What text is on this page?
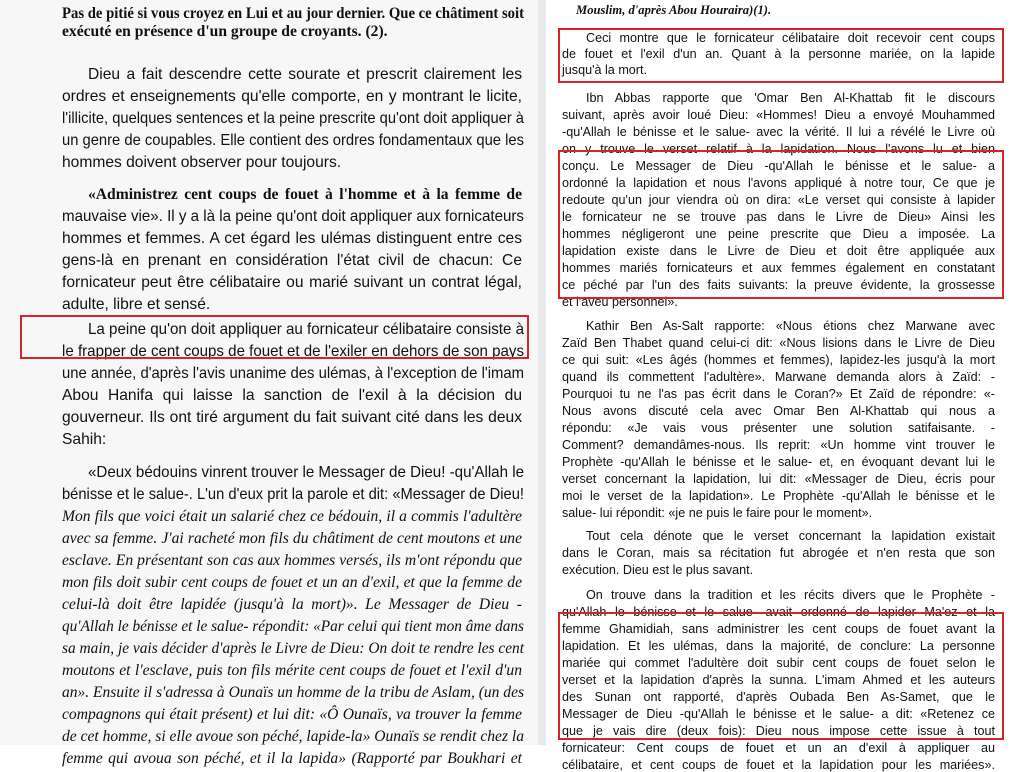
Pas de pitié si vous croyez en Lui et au jour dernier. Que ce châtiment soit
exécuté en présence d'un groupe de croyants. (2).
Dieu a fait descendre cette sourate et prescrit clairement les
ordres et enseignements qu'elle comporte, en y montrant le licite,
l'illicite, quelques sentences et la peine prescrite qu'ont doit appliquer à
un genre de coupables. Elle contient des ordres fondamentaux que les
hommes doivent observer pour toujours.
«Administrez cent coups de fouet à l'homme et à la femme de
mauvaise vie». Il y a là la peine qu'ont doit appliquer aux fornicateurs
hommes et femmes. A cet égard les ulémas distinguent entre ces
gens-là en prenant en considération l'état civil de chacun: Ce
fornicateur peut être célibataire ou marié suivant un contrat légal,
adulte, libre et sensé.
La peine qu'on doit appliquer au fornicateur célibataire consiste à
le frapper de cent coups de fouet et de l'exiler en dehors de son pays
une année, d'après l'avis unanime des ulémas, à l'exception de l'imam
Abou Hanifa qui laisse la sanction de l'exil à la décision du
gouverneur. Ils ont tiré argument du fait suivant cité dans les deux
Sahih:
«Deux bédouins vinrent trouver le Messager de Dieu! -qu'Allah le
bénisse et le salue-. L'un d'eux prit la parole et dit: «Messager de Dieu!
Mon fils que voici était un salarié chez ce bédouin, il a commis l'adultère
avec sa femme. J'ai racheté mon fils du châtiment de cent moutons et une
esclave. En présentant son cas aux hommes versés, ils m'ont répondu que
mon fils doit subir cent coups de fouet et un an d'exil, et que la femme de
celui-là doit être lapidée (jusqu'à la mort)». Le Messager de Dieu -
qu'Allah le bénisse et le salue- répondit: «Par celui qui tient mon âme dans
sa main, je vais décider d'après le Livre de Dieu: On doit te rendre les cent
moutons et l'esclave, puis ton fils mérite cent coups de fouet et l'exil d'un
an». Ensuite il s'adressa à Ounaïs un homme de la tribu de Aslam, (un des
compagnons qui était présent) et lui dit: «Ô Ounaïs, va trouver la femme
de cet homme, si elle avoue son péché, lapide-la» Ounaïs se rendit chez la
femme qui avoua son péché, et il la lapida» (Rapporté par Boukhari et
Mouslim, d'après Abou Houraira)(1).
Ceci montre que le fornicateur célibataire doit recevoir cent coups
de fouet et l'exil d'un an. Quant à la personne mariée, on la lapide
jusqu'à la mort.
Ibn Abbas rapporte que 'Omar Ben Al-Khattab fit le discours
suivant, après avoir loué Dieu: «Hommes! Dieu a envoyé Mouhammed
-qu'Allah le bénisse et le salue- avec la vérité. Il lui a révélé le Livre où
on y trouve le verset relatif à la lapidation. Nous l'avons lu et bien
conçu. Le Messager de Dieu -qu'Allah le bénisse et le salue- a
ordonné la lapidation et nous l'avons appliqué à notre tour, Ce que je
redoute qu'un jour viendra où on dira: «Le verset qui consiste à lapider
le fornicateur ne se trouve pas dans le Livre de Dieu» Ainsi les
hommes négligeront une peine prescrite que Dieu a imposée. La
lapidation existe dans le Livre de Dieu et doit être appliquée aux
hommes mariés fornicateurs et aux femmes également en constatant
ce péché par l'un des faits suivants: la preuve évidente, la grossesse
et l'aveu personnel».
Kathir Ben As-Salt rapporte: «Nous étions chez Marwane avec
Zaïd Ben Thabet quand celui-ci dit: «Nous lisions dans le Livre de Dieu
ce qui suit: «Les âgés (hommes et femmes), lapidez-les jusqu'à la mort
quand ils commettent l'adultère». Marwane demanda alors à Zaïd: -
Pourquoi tu ne l'as pas écrit dans le Coran?» Et Zaïd de répondre: «-
Nous avons discuté cela avec Omar Ben Al-Khattab qui nous a
répondu: «Je vais vous présenter une solution satifaisante. -
Comment? demandâmes-nous. Ils reprit: «Un homme vint trouver le
Prophète -qu'Allah le bénisse et le salue- et, en évoquant devant lui le
verset concernant la lapidation, lui dit: «Messager de Dieu, écris pour
moi le verset de la lapidation». Le Prophète -qu'Allah le bénisse et le
salue- lui répondit: «je ne puis le faire pour le moment».
Tout cela dénote que le verset concernant la lapidation existait
dans le Coran, mais sa récitation fut abrogée et n'en resta que son
exécution. Dieu est le plus savant.
On trouve dans la tradition et les récits divers que le Prophète -
qu'Allah le bénisse et le salue- avait ordonné de lapider Ma'ez et la
femme Ghamidiah, sans administrer les cent coups de fouet avant la
lapidation. Et les ulémas, dans la majorité, de conclure: La personne
mariée qui commet l'adultère doit subir cent coups de fouet selon le
verset et la lapidation d'après la sunna. L'imam Ahmed et les auteurs
des Sunan ont rapporté, d'après Oubada Ben As-Samet, que le
Messager de Dieu -qu'Allah le bénisse et le salue- a dit: «Retenez ce
que je vais dire (deux fois): Dieu nous impose cette issue à tout
fornicateur: Cent coups de fouet et un an d'exil à appliquer au
célibataire, et cent coups de fouet et la lapidation pour les mariées».
